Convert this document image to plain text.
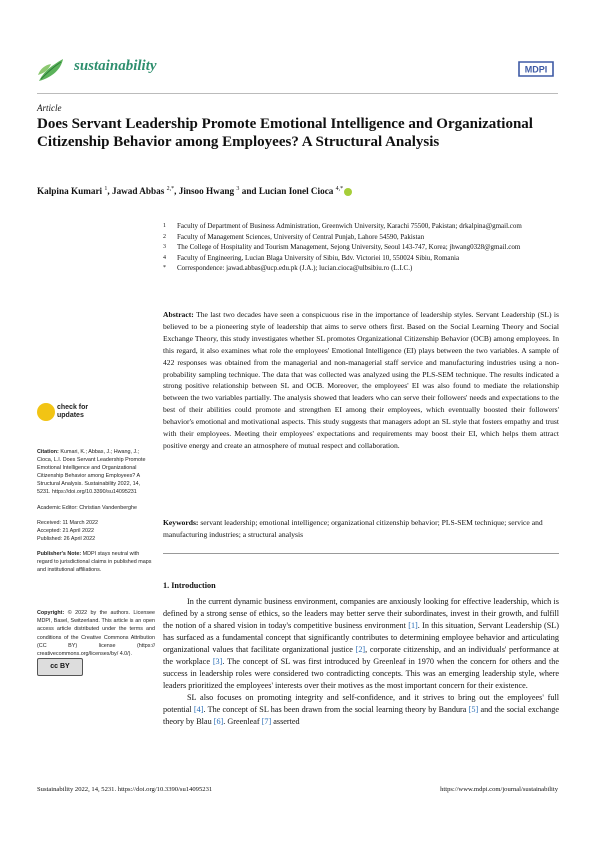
sustainability	MDPI
Article
Does Servant Leadership Promote Emotional Intelligence and Organizational Citizenship Behavior among Employees? A Structural Analysis
Kalpina Kumari $^1$, Jawad Abbas $^{2,*}$, Jinsoo Hwang $^3$ and Lucian Ionel Cioca $^{4,*}$
1	Faculty of Department of Business Administration, Greenwich University, Karachi 75500, Pakistan; drkalpina@gmail.com
2	Faculty of Management Sciences, University of Central Punjab, Lahore 54590, Pakistan
3	The College of Hospitality and Tourism Management, Sejong University, Seoul 143-747, Korea; jhwang0328@gmail.com
4	Faculty of Engineering, Lucian Blaga University of Sibiu, Bdv. Victoriei 10, 550024 Sibiu, Romania
*	Correspondence: jawad.abbas@ucp.edu.pk (J.A.); lucian.cioca@ulbsibiu.ro (L.I.C.)
Abstract: The last two decades have seen a conspicuous rise in the importance of leadership styles. Servant Leadership (SL) is believed to be a pioneering style of leadership that aims to serve others first. Based on the Social Learning Theory and Social Exchange Theory, this study investigates whether SL promotes Organizational Citizenship Behavior (OCB) among employees. In this regard, it also examines what role the employees' Emotional Intelligence (EI) plays between the two variables. A sample of 422 responses was obtained from the managerial and non-managerial staff service and manufacturing industries using a non-probability sampling technique. The data that was collected was analyzed using the PLS-SEM technique. The results indicated a strong positive relationship between SL and OCB. Moreover, the employees' EI was also found to mediate the relationship between the two variables partially. The analysis showed that leaders who can serve their followers' needs and expectations to the best of their abilities could promote and strengthen EI among their employees, which eventually boosted their followers' behavior's emotional and motivational aspects. This study suggests that managers adopt an SL style that fosters empathy and trust with their employees. Meeting their employees' expectations and requirements may boost their EI, which helps them attract positive energy and create an atmosphere of mutual respect and collaboration.
Keywords: servant leadership; emotional intelligence; organizational citizenship behavior; PLS-SEM technique; service and manufacturing industries; a structural analysis
1. Introduction

In the current dynamic business environment, companies are anxiously looking for effective leadership, which is defined by a strong sense of ethics, so the leaders may better serve their subordinates, invest in their growth, and fulfill the notion of a shared vision in today's competitive business environment [1]. In this situation, Servant Leadership (SL) has surfaced as a fundamental concept that significantly contributes to determining employee behavior and articulating organizational values that facilitate organizational justice [2], corporate citizenship, and an individuals' performance at the workplace [3]. The concept of SL was first introduced by Greenleaf in 1970 when the concern for others and the success in leadership roles were considered two contradicting concepts. This was an emerging leadership style, where leaders prioritized the employees' interests over their motives as the most important concern for their existence.

SL also focuses on promoting integrity and self-confidence, and it strives to bring out the employees' full potential [4]. The concept of SL has been drawn from the social learning theory by Bandura [5] and the social exchange theory by Blau [6]. Greenleaf [7] asserted

check for
updates

Citation: Kumari, K.; Abbas, J.; Hwang, J.; Cioca, L.I. Does Servant Leadership Promote Emotional Intelligence and Organizational Citizenship Behavior among Employees? A Structural Analysis. Sustainability 2022, 14, 5231. https://doi.org/10.3390/su14095231

Academic Editor: Christian Vandenberghe

Received: 11 March 2022
Accepted: 21 April 2022
Published: 26 April 2022

Publisher's Note: MDPI stays neutral with regard to jurisdictional claims in published maps and institutional affiliations.

Copyright: © 2022 by the authors. Licensee MDPI, Basel, Switzerland. This article is an open access article distributed under the terms and conditions of the Creative Commons Attribution (CC BY) license (https:// creativecommons.org/licenses/by/ 4.0/).

cc BY
Sustainability 2022, 14, 5231. https://doi.org/10.3390/su14095231	https://www.mdpi.com/journal/sustainability
